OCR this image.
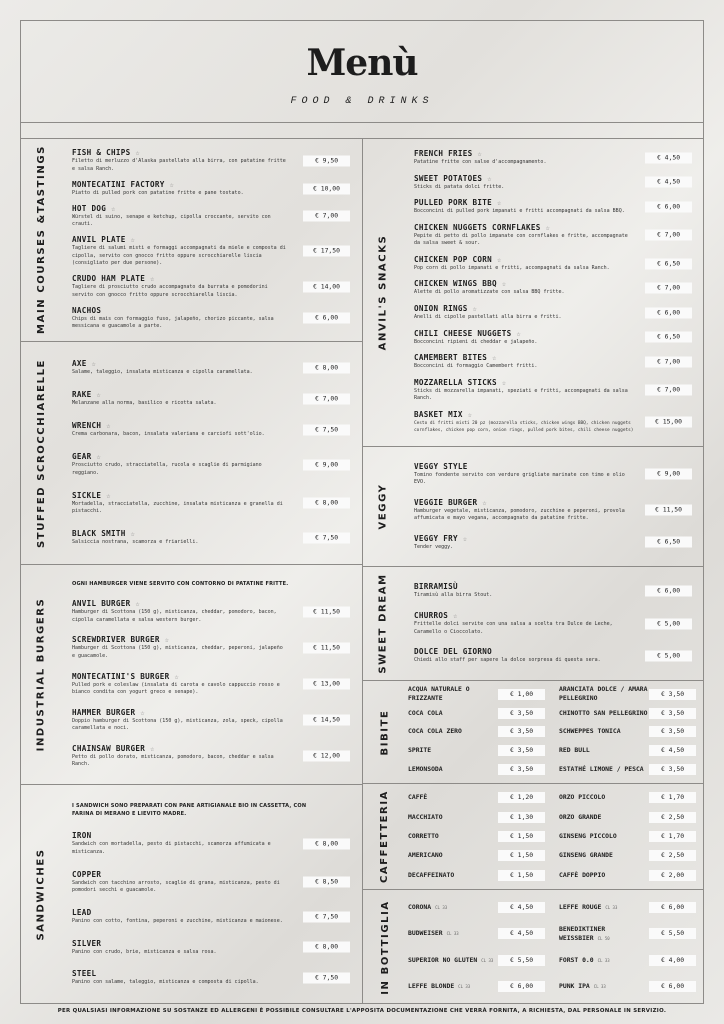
Menù
FOOD & DRINKS
MAIN COURSES &TASTINGS	FISH & CHIPS ☆
Filetto di merluzzo d'Alaska pastellato alla birra, con patatine fritte e salsa Ranch.
€ 9,50
MONTECATINI FACTORY ☆
Piatto di pulled pork con patatine fritte e pane tostato.
€ 10,00
HOT DOG ☆
Würstel di suino, senape e ketchup, cipolla croccante, servito con crauti.
€ 7,00
ANVIL PLATE ☆
Tagliere di salumi misti e formaggi accompagnati da miele e composta di cipolla, servito con gnocco fritto oppure scrocchiarelle liscia (consigliato per due persone).
€ 17,50
CRUDO HAM PLATE ☆
Tagliere di prosciutto crudo accompagnato da burrata e pomodorini servito con gnocco fritto oppure scrocchiarella liscia.
€ 14,00
NACHOS
Chips di mais con formaggio fuso, jalapeño, chorizo piccante, salsa messicana e guacamole a parte.
€ 6,00
STUFFED SCROCCHIARELLE	AXE ☆
Salame, taleggio, insalata misticanza e cipolla caramellata.
€ 8,00
RAKE ☆
Melanzane alla norma, basilico e ricotta salata.
€ 7,00
WRENCH ☆
Crema carbonara, bacon, insalata valeriana e carciofi sott'olio.
€ 7,50
GEAR ☆
Prosciutto crudo, stracciatella, rucola e scaglie di parmigiano reggiano.
€ 9,00
SICKLE ☆
Mortadella, stracciatella, zucchine, insalata misticanza e granella di pistacchi.
€ 8,00
BLACK SMITH ☆
Salsiccia nostrana, scamorza e friarielli.
€ 7,50
INDUSTRIAL BURGERS
OGNI HAMBURGER VIENE SERVITO CON CONTORNO DI PATATINE FRITTE.
ANVIL BURGER ☆
Hamburger di Scottona (150 g), misticanza, cheddar, pomodoro, bacon, cipolla caramellata e salsa western burger.
€ 11,50
SCREWDRIVER BURGER ☆
Hamburger di Scottona (150 g), misticanza, cheddar, peperoni, jalapeño e guacamole.
€ 11,50
MONTECATINI'S BURGER ☆
Pulled pork e coleslaw (insalata di carota e cavolo cappuccio rosso e bianco condita con yogurt greco e senape).
€ 13,00
HAMMER BURGER ☆
Doppio hamburger di Scottona (150 g), misticanza, zola, speck, cipolla caramellata e noci.
€ 14,50
CHAINSAW BURGER ☆
Petto di pollo dorato, misticanza, pomodoro, bacon, cheddar e salsa Ranch.
€ 12,00
SANDWICHES
I SANDWICH SONO PREPARATI CON PANE ARTIGIANALE BIO IN CASSETTA, CON FARINA DI MERANO E LIEVITO MADRE.
IRON
Sandwich con mortadella, pesto di pistacchi, scamorza affumicata e misticanza.
€ 8,00
COPPER
Sandwich con tacchino arrosto, scaglie di grana, misticanza, pesto di pomodori secchi e guacamole.
€ 8,50
LEAD
Panino con cotto, fontina, peperoni e zucchine, misticanza e maionese.
€ 7,50
SILVER
Panino con crudo, brie, misticanza e salsa rosa.
€ 8,00
STEEL
Panino con salame, taleggio, misticanza e composta di cipolla.
€ 7,50
ANVIL'S SNACKS
FRENCH FRIES ☆
Patatine fritte con salse d'accompagnamento.
€ 4,50
SWEET POTATOES ☆
Sticks di patata dolci fritte.
€ 4,50
PULLED PORK BITE ☆
Bocconcini di pulled pork impanati e fritti accompagnati da salsa BBQ.
€ 6,00
CHICKEN NUGGETS CORNFLAKES ☆
Pepite di petto di pollo impanate con cornflakes e fritte, accompagnate da salsa sweet & sour.
€ 7,00
CHICKEN POP CORN ☆
Pop corn di pollo impanati e fritti, accompagnati da salsa Ranch.
€ 6,50
CHICKEN WINGS BBQ ☆
Alette di pollo aromatizzate con salsa BBQ fritte.
€ 7,00
ONION RINGS ☆
Anelli di cipolle pastellati alla birra e fritti.
€ 6,00
CHILI CHEESE NUGGETS ☆
Bocconcini ripieni di cheddar e jalapeño.
€ 6,50
CAMEMBERT BITES ☆
Bocconcini di formaggio Camembert fritti.
€ 7,00
MOZZARELLA STICKS ☆
Sticks di mozzarella impanati, speziati e fritti, accompagnati da salsa Ranch.
€ 7,00
BASKET MIX ☆
Cesto di fritti misti 20 pz (mozzarella sticks, chicken wings BBQ, chicken nuggets cornflakes, chicken pop corn, onion rings, pulled pork bites, chili cheese nuggets)
€ 15,00
VEGGY
VEGGY STYLE
Tomino fondente servito con verdure grigliate marinate con timo e olio EVO.
€ 9,00
VEGGIE BURGER ☆
Hamburger vegetale, misticanza, pomodoro, zucchine e peperoni, provola affumicata e mayo vegana, accompagnato da patatine fritte.
€ 11,50
VEGGY FRY ☆
Tender veggy.
€ 6,50
SWEET DREAM	BIRRAMISÙ
Tiramisù alla birra Stout.
€ 6,00
CHURROS ☆
Frittelle dolci servite con una salsa a scelta tra Dulce de Leche, Caramello o Cioccolato.
€ 5,00
DOLCE DEL GIORNO
Chiedi allo staff per sapere la dolce sorpresa di questa sera.
€ 5,00
BIBITE
ACQUA NATURALE O FRIZZANTE
€ 1,00
COCA COLA	€ 3,50
COCA COLA ZERO	€ 3,50
SPRITE	€ 3,50
LEMONSODA	€ 3,50
ARANCIATA DOLCE / AMARA PELLEGRINO
€ 3,50
CHINOTTO SAN PELLEGRINO	€ 3,50
SCHWEPPES TONICA	€ 3,50
RED BULL	€ 4,50
ESTATHÉ LIMONE / PESCA	€ 3,50
CAFFETTERIA	CAFFÈ	€ 1,20
MACCHIATO	€ 1,30
CORRETTO	€ 1,50
AMERICANO	€ 1,50
DECAFFEINATO	€ 1,50
ORZO PICCOLO	€ 1,70
ORZO GRANDE	€ 2,50
GINSENG PICCOLO	€ 1,70
GINSENG GRANDE	€ 2,50
CAFFÈ DOPPIO	€ 2,00
IN BOTTIGLIA	CORONA CL 33	€ 4,50
BUDWEISER CL 33	€ 4,50
SUPERIOR NO GLUTEN CL 33	€ 5,50
LEFFE BLONDE CL 33	€ 6,00
LEFFE ROUGE CL 33	€ 6,00
BENEDIKTINER WEISSBIER CL 50
€ 5,50
FORST 0.0 CL 33	€ 4,00
PUNK IPA CL 33	€ 6,00
PER QUALSIASI INFORMAZIONE SU SOSTANZE ED ALLERGENI È POSSIBILE CONSULTARE L'APPOSITA DOCUMENTAZIONE CHE VERRÀ FORNITA, A RICHIESTA, DAL PERSONALE IN SERVIZIO.
